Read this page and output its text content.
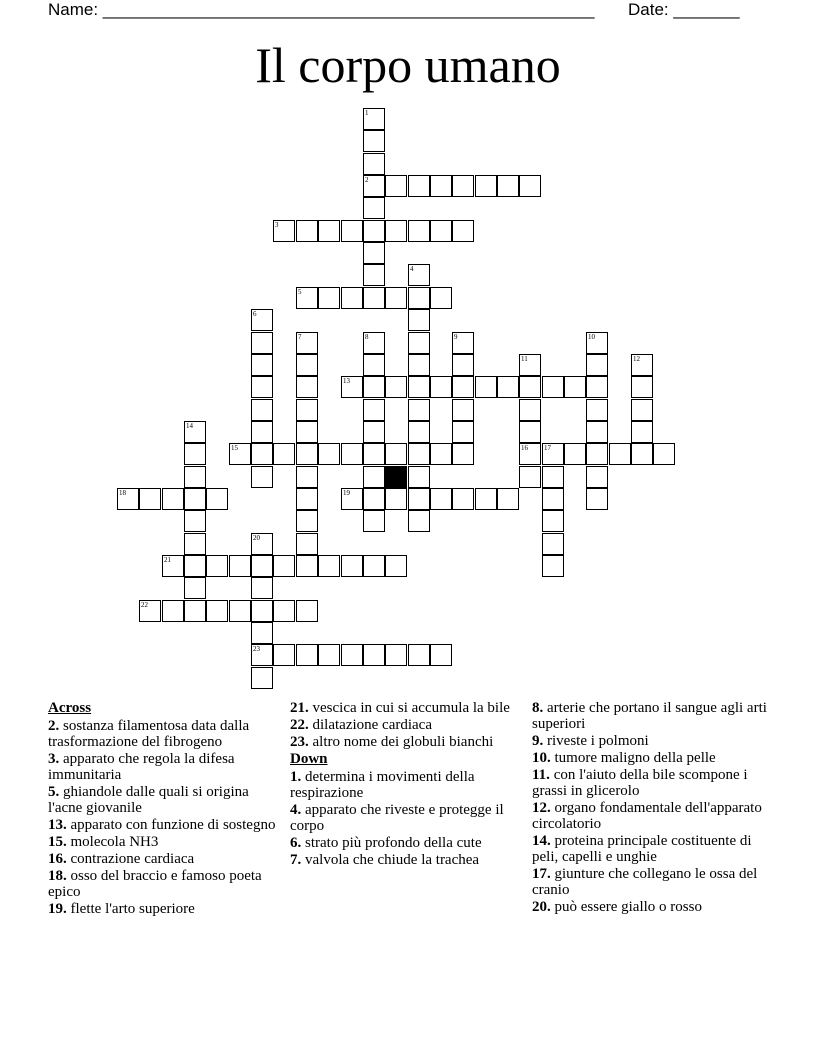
Name: ____________________________________________________ Date: _______
Il corpo umano
2
3
5
13
15	16 17
18	19
21
22
23
1
4
6
7	8	9	10
11	12
14
20
Across
2. sostanza filamentosa data dalla trasformazione del fibrogeno
3. apparato che regola la difesa immunitaria
5. ghiandole dalle quali si origina l'acne giovanile
13. apparato con funzione di sostegno
15. molecola NH3
16. contrazione cardiaca
18. osso del braccio e famoso poeta epico
19. flette l'arto superiore
21. vescica in cui si accumula la bile
22. dilatazione cardiaca
23. altro nome dei globuli bianchi
Down
1. determina i movimenti della respirazione
4. apparato che riveste e protegge il corpo
6. strato più profondo della cute
7. valvola che chiude la trachea
8. arterie che portano il sangue agli arti superiori
9. riveste i polmoni
10. tumore maligno della pelle
11. con l'aiuto della bile scompone i grassi in glicerolo
12. organo fondamentale dell'apparato circolatorio
14. proteina principale costituente di peli, capelli e unghie
17. giunture che collegano le ossa del cranio
20. può essere giallo o rosso
